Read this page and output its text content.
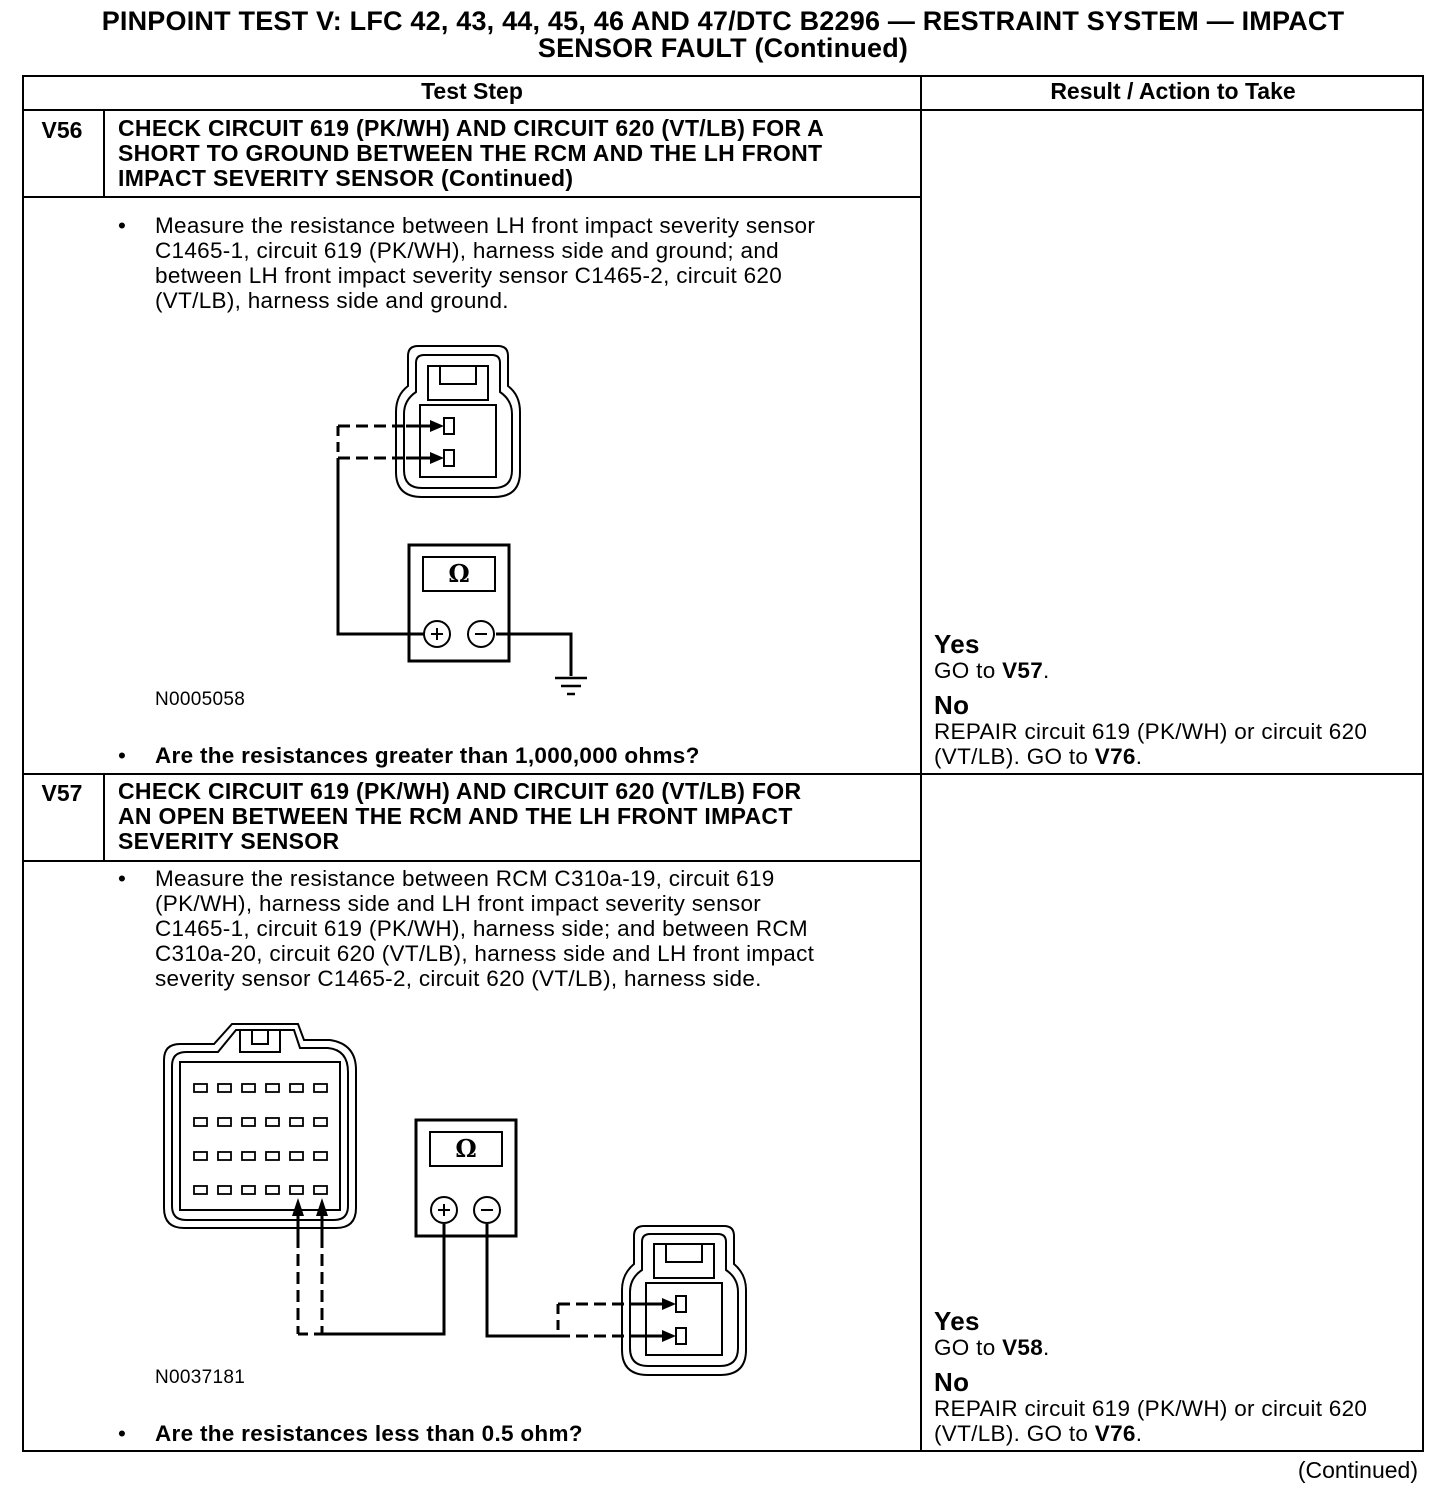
PINPOINT TEST V: LFC 42, 43, 44, 45, 46 AND 47/DTC B2296 — RESTRAINT SYSTEM — IMPACT
SENSOR FAULT (Continued)
Test Step	Result / Action to Take
V56	CHECK CIRCUIT 619 (PK/WH) AND CIRCUIT 620 (VT/LB) FOR A
SHORT TO GROUND BETWEEN THE RCM AND THE LH FRONT
IMPACT SEVERITY SENSOR (Continued)
• Measure the resistance between LH front impact severity sensor
C1465-1, circuit 619 (PK/WH), harness side and ground; and
between LH front impact severity sensor C1465-2, circuit 620
(VT/LB), harness side and ground.
Ω
N0005058
• Are the resistances greater than 1,000,000 ohms?
Yes
GO to V57.
No
REPAIR circuit 619 (PK/WH) or circuit 620
(VT/LB). GO to V76.
V57	CHECK CIRCUIT 619 (PK/WH) AND CIRCUIT 620 (VT/LB) FOR
AN OPEN BETWEEN THE RCM AND THE LH FRONT IMPACT
SEVERITY SENSOR
• Measure the resistance between RCM C310a-19, circuit 619
(PK/WH), harness side and LH front impact severity sensor
C1465-1, circuit 619 (PK/WH), harness side; and between RCM
C310a-20, circuit 620 (VT/LB), harness side and LH front impact
severity sensor C1465-2, circuit 620 (VT/LB), harness side.
Ω
N0037181
• Are the resistances less than 0.5 ohm?
Yes
GO to V58.
No
REPAIR circuit 619 (PK/WH) or circuit 620
(VT/LB). GO to V76.
(Continued)
